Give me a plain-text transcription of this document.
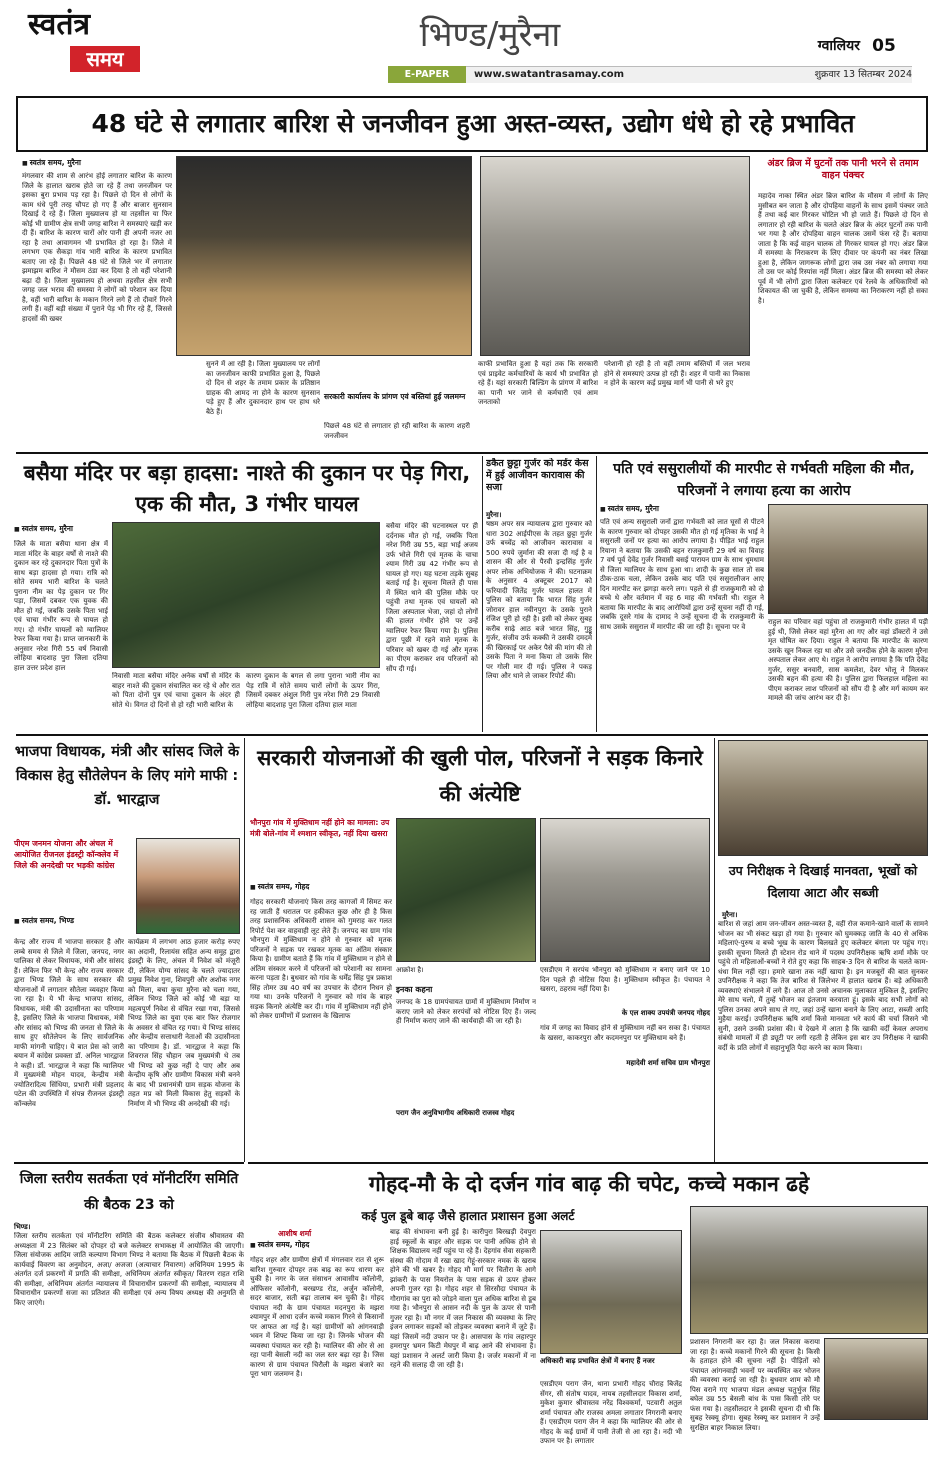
स्वतंत्र
समय
भिण्ड/मुरैना	ग्वालियर 05
E-PAPER	www.swatantrasamay.com	शुक्रवार 13 सितम्बर 2024
48 घंटे से लगातार बारिश से जनजीवन हुआ अस्त-व्यस्त, उद्योग धंधे हो रहे प्रभावित
■ स्वतंत्र समय, मुरैना
मंगलवार की शाम से आरंभ होई लगातार बारिश के कारण जिले के हालात खराब होते जा रहे हैं तथा जनजीवन पर इसका बुरा प्रभाव पड़ रहा है। पिछले दो दिन से लोगों के काम धंधे पूरी तरह चौपट हो गए हैं और बाजार सुनसान दिखाई दे रहे हैं। जिला मुख्यालय हो या तहसील या फिर कोई भी ग्रामीण क्षेत्र सभी जगह बारिश ने समस्याएं खड़ी कर दी हैं। बारिश के कारण चारों ओर पानी ही अपनी नजर आ रहा है तथा आवागमन भी प्रभावित हो रहा है। जिले में लगभग एक सैकड़ा गांव भारी बारिश के कारण प्रभावित बताए जा रहे हैं। पिछले 48 घंटे से जिले भर में लगातार झमाझम बारिश ने मौसम ठंडा कर दिया है तो वहीं परेशानी बढ़ा दी है। जिला मुख्यालय हो अथवा तहसील क्षेत्र सभी जगह जल भराव की समस्या ने लोगों को परेशान कर दिया है, वहीं भारी बारिश के मकान गिरने लगे हैं तो दीवारें गिरने लगी हैं। वहीं बड़ी संख्या में पुराने पेड़ भी गिर रहे हैं, जिससे हादसों की खबर
सुनने में आ रही है। जिला मुख्यालय पर लोगों का जनजीवन काफी प्रभावित हुआ है, पिछले दो दिन से शहर के तमाम प्रकार के प्रतिष्ठान ग्राहक की आमद ना होने के कारण सुनसान पड़े हुए हैं और दुकानदार हाथ पर हाथ धरे बैठे हैं।
सरकारी कार्यालय के प्रांगण एवं बस्तियां हुई जलमग्न
पिछले 48 घंटे से लगातार हो रही बारिश के कारण शहरी जनजीवन
काफी प्रभावित हुआ है यहां तक कि सरकारी एवं प्राइवेट कर्मचारियों के कार्य भी प्रभावित हो रहे हैं। यहां सरकारी बिल्डिंग के प्रांगण में बारिश का पानी भर जाने से कर्मचारी एवं आम जनताको
परेशानी हो रही है तो वहीं तमाम बस्तियों में जल भराव होने से समस्याएं उत्पन्न हो रही हैं। शहर में पानी का निकास न होने के कारण कई प्रमुख मार्ग भी पानी से भरे हुए
अंडर ब्रिज में घुटनों तक पानी भरने से तमाम वाहन पंक्चर
महादेव नाका स्थित अंडर ब्रिज बारिश के मौसम में लोगों के लिए मुसीबत बन जाता है और दोपहिया वाहनों के साथ इसमें पंक्चर जाते हैं तथा कई बार गिरकर चोटिल भी हो जाते हैं। पिछले दो दिन से लगातार हो रही बारिश के चलते अंडर ब्रिज के अंदर घुटनों तक पानी भर गया है और दोपहिया वाहन चालक उसमें फंस रहे हैं। बताया जाता है कि कई वाहन चालक तो गिरकर घायल हो गए। अंडर ब्रिज में समस्या के निराकरण के लिए दीवार पर कंपनी का नंबर लिखा हुआ है, लेकिन जागरूक लोगों द्वारा जब उस नंबर को लगाया गया तो उस पर कोई रिस्पांस नहीं मिला। अंडर ब्रिज की समस्या को लेकर पूर्व में भी लोगों द्वारा जिला कलेक्टर एवं रेलवे के अधिकारियों को शिकायत की जा चुकी है, लेकिन समस्या का निराकरण नहीं हो सका है।
बसैया मंदिर पर बड़ा हादसा: नाश्ते की दुकान पर पेड़ गिरा, एक की मौत, 3 गंभीर घायल
■ स्वतंत्र समय, मुरैना
जिले के माता बसैया थाना क्षेत्र में माता मंदिर के बाहर वर्षों से नाश्ते की दुकान कर रहे दुकानदार पिता पुत्रों के साथ बड़ा हादसा हो गया। रात्रि को सोते समय भारी बारिश के चलते पुराना नीम का पेड़ दुकान पर गिर पड़ा, जिसमें दबकर एक युवक की मौत हो गई, जबकि उसके पिता भाई एवं चाचा गंभीर रूप से घायल हो गए। दो गंभीर घायलों को ग्वालियर रेफर किया गया है। प्राप्त जानकारी के अनुसार नरेश गिरी 55 वर्ष निवासी लोहिया बादशाह पुरा जिला दतिया हाल उत्तर प्रदेश हाल
निवासी माता बसैया मंदिर अनेक वर्षों से मंदिर के बाहर नाश्ते की दुकान संचालित कर रहे थे और रात को पिता दोनों पुत्र एवं चाचा दुकान के अंदर ही सोते थे। विगत दो दिनों से हो रही भारी बारिश के
कारण दुकान के बगल से लगा पुराना भारी नीम का पेड़ रात्रि में सोते समय चारों लोगों के ऊपर गिरा, जिसमें दबकर अंशुल गिरी पुत्र नरेश गिरी 29 निवासी लोहिया बादशाह पुरा जिला दतिया हाल माता
बसैया मंदिर की घटनास्थल पर ही दर्दनाक मौत हो गई, जबकि पिता नरेश गिरी उम्र 55, बड़ा भाई अजय उर्फ भोले गिरी एवं मृतक के चाचा श्याम गिरी उम्र 42 गंभीर रूप से घायल हो गए। यह घटना तड़के सुबह बताई गई है। सूचना मिलते ही पास में स्थित थाने की पुलिस मौके पर पहुंची तथा मृतक एवं घायलों को जिला अस्पताल भेजा, जहां दो लोगों की हालत गंभीर होने पर उन्हें ग्वालियर रेफर किया गया है। पुलिस द्वारा पूछी में रहने वाले मृतक के परिवार को खबर दी गई और मृतक का पीएम कराकर शव परिजनों को सौंप दी गई।
डकैत छुट्टा गुर्जर को मर्डर केस में हुई आजीवन कारावास की सजा
मुरैना।
षष्ठम अपर सत्र न्यायालय द्वारा गुरुवार को धारा 302 आईपीएस के तहत छुट्टा गुर्जर उर्फ बच्चेंद्र को आजीवन कारावास व 500 रुपये जुर्माना की सजा दी गई है व शासन की ओर से पैरवी इन्द्रसिंह गुर्जर अपर लोक अभियोजक ने की। घटनाक्रम के अनुसार 4 अक्टूबर 2017 को फरियादी जितेंद्र गुर्जर घायल हालत में पुलिस को बताया कि भारत सिंह गुर्जर जोरावर हाल नवीनपुरा के उसके पुराने रंजिश पूरी हो रही है। इसी को लेकर सुबह करीब साढ़े आठ बजे भारत सिंह, गुड्डू गुर्जर, संजीव उर्फ कक्की ने उसकी दमदमे की खिरकाई पर अकेर पैसे की मांग की तो उसके पिता ने मना किया तो उसके सिर पर गोली मार दी गई। पुलिस ने पकड़ लिया और थाने ले जाकर रिपोर्ट की।
पति एवं ससुरालीयों की मारपीट से गर्भवती महिला की मौत, परिजनों ने लगाया हत्या का आरोप
■ स्वतंत्र समय, मुरैना
पति एवं अन्य ससुराली जनों द्वारा गर्भवती को लात घूसों से पीटने के कारण गुरुवार को दोपहर उसकी मौत हो गई मृतिका के भाई ने ससुराली जनों पर हत्या का आरोप लगाया है। पीड़ित भाई राहुल रियाना ने बताया कि उसकी बहन राजकुमारी 29 वर्ष का विवाह 7 वर्ष पूर्व देवेंद्र गुर्जर निवासी बसई पारायन ग्राम के साथ धूमधाम से जिला ग्वालियर के साथ हुआ था। शादी के कुछ साल तो सब ठीक-ठाक चला, लेकिन उसके बाद पति एवं ससुरालीजन आए दिन मारपीट कर झगड़ा करने लग। पहले से ही राजकुमारी को दो बच्चे थे और वर्तमान में वह 6 माह की गर्भवती थी। राहुल ने बताया कि मारपीट के बाद आरोपियों द्वारा उन्हें सूचना नहीं दी गई, जबकि दूसरे गांव के दामाद ने उन्हें सूचना दी के राजकुमारी के साथ उसके ससुराल में मारपीट की जा रही है। सूचना पर वे
राहुल का परिवार वहां पहुंचा तो राजकुमारी गंभीर हालत में पड़ी हुई थी, जिसे लेकर वहां मुरैना आ गए और वहां डॉक्टरों ने उसे मृत घोषित कर दिया। राहुल ने बताया कि मारपीट के कारण उसके खून निकल रहा था और उसे जनदीक होने के कारण मुरैना अस्पताल लेकर आए थे। राहुल ने आरोप लगाया है कि पति देवेंद्र गुर्जर, ससुर बनवारी, सास कमलेश, देवर भोलू ने मिलकर उसकी बहन की हत्या की है। पुलिस द्वारा फिलहाल महिला का पीएम कराकर लाश परिजनों को सौंप दी है और मर्ग कायम कर मामले की जांच आरंभ कर दी है।
भाजपा विधायक, मंत्री और सांसद जिले के विकास हेतु सौतेलेपन के लिए मांगे माफी : डॉ. भारद्वाज
पीएम जनमन योजना और अंचल में आयोजित रीजनल इंडस्ट्री कॉन्क्लेव में जिले की अनदेखी पर भड़की कांग्रेस
■ स्वतंत्र समय, भिण्ड
केन्द्र और राज्य में भाजपा सरकार है और लम्बे समय से जिले में जिला, जनपद, नगर पालिका से लेकर विधायक, मंत्री और सांसद हैं। लेकिन फिर भी केन्द्र और राज्य सरकार द्वारा भिण्ड जिले के साथ सरकार की योजनाओं में लगातार सौतेला व्यवहार किया जा रहा है। ये भी केन्द्र भाजपा सांसद, विधायक, मंत्री की उदासीनता का परिणाम है, इसलिए जिले के भाजपा विधायक, मंत्री और सांसद को भिण्ड की जनता से जिले के साथ हुए सौतेलेपन के लिए सार्वजनिक माफी मांगनी चाहिए। ये बात प्रेस को जारी बयान में कांग्रेस प्रवक्ता डॉ. अनिल भारद्वाज ने कही। डॉ. भारद्वाज ने कहा कि ग्वालियर में मुख्यमंत्री मोहन यादव, केन्द्रीय मंत्री ज्योतिरादित्य सिंधिया, प्रभारी मंत्री प्रहलाद पटेल की उपस्थिति में संपन्न रीजनल इंडस्ट्री कॉन्क्लेव
कार्यक्रम में लगभग आठ हजार करोड़ रुपए का अदानी, रिलायंस सहित अन्य समूह द्वारा इंडस्ट्री के लिए, अंचल में निवेश को मंजूरी दी, लेकिन योग्य सांसद के चलते ज्यादातर प्रमुख निवेश गुना, शिवपुरी और अशोक नगर को मिला, बचा कुचा मुरैना को चला गया, लेकिन भिण्ड जिले को कोई भी बड़ा या महत्वपूर्ण निवेश से वंचित रखा गया, जिससे भिण्ड जिले का युवा एक बार फिर रोजगार के अवसर से वंचित रह गया। ये भिण्ड सांसद और केन्द्रीय सत्ताधारी नेताओं की उदासीनता का परिणाम है। डॉ. भारद्वाज ने कहा कि शिवराज सिंह चौहान जब मुख्यमंत्री थे तब भी भिण्ड को कुछ नहीं दे पाए और अब केन्द्रीय कृषि और ग्रामीण विकास मंत्री बनने के बाद भी प्रधानमंत्री ग्राम सड़क योजना के तहत मप्र को मिली विकास हेतु सड़कों के निर्माण में भी भिण्ड की अनदेखी की गई।
सरकारी योजनाओं की खुली पोल, परिजनों ने सड़क किनारे की अंत्येष्टि
भौनपुरा गांव में मुक्तिधाम नहीं होने का मामला: उप मंत्री बोले-गांव में श्मशान स्वीकृत, नहीं दिया खसरा
■ स्वतंत्र समय, गोहद
गोहद सरकारी योजनाएं किस तरह कागजों में सिमट कर रह जाती हैं धरातल पर हकीकत कुछ और ही है किस तरह प्रशासनिक अधिकारी शासन को गुमराह कर गलत रिपोर्ट पेश कर वाहवाही लूट लेते हैं। जनपद का ग्राम गांव भौनपुरा में मुक्तिधाम न होने से गुरुवार को मृतक परिजनों ने सड़क पर रखकर मृतक का अंतिम संस्कार किया है। ग्रामीण बताते हैं कि गांव में मुक्तिधाम न होने से अंतिम संस्कार करने में परिजनों को परेशानी का सामना करना पड़ता है। बुधवार को गांव के धर्मेंद्र सिंह पुत्र प्रकाश सिंह तोमर उम्र 40 वर्ष का उपचार के दौरान निधन हो गया था। उनके परिजनों ने गुरुवार को गांव के बाहर सड़क किनारे अंत्येष्टि कर दी। गांव में मुक्तिधाम नहीं होने को लेकर ग्रामीणों में प्रशासन के खिलाफ
आक्रोश है।
इनका कहना
जनपद के 18 ग्रामपंचायत ग्रामों में मुक्तिधाम निर्माण न कराए जाने को लेकर सरपंचों को नोटिस दिए हैं। जल्द ही निर्माण कराए जाने की कार्यवाही की जा रही है।
पराग जैन अनुविभागीय अधिकारी राजस्व गोहद
एसडीएम ने सरपंच भौनपुरा को मुक्तिधाम न बनाए जाने पर 10 दिन पहले ही नोटिस दिया है। मुक्तिधाम स्वीकृत है। पंचायत ने खसरा, ठहराव नहीं दिया है।
के एल शाक्य उपयंत्री जनपद गोहद
गांव में जगह का विवाद होने से मुक्तिधाम नहीं बन सका है। पंचायत के खसरा, काकरपुरा और कदमनपुरा पर मुक्तिधाम बने हैं।
महादेवी शर्मा सचिव ग्राम भौनपुरा
उप निरीक्षक ने दिखाई मानवता, भूखों को दिलाया आटा और सब्जी
मुरैना।
बारिश से जहां आम जन-जीवन अस्त-व्यस्त है, वहीं रोज कमाने-खाने वालों के सामने भोजन का भी संकट खड़ा हो गया है। गुरुवार को घुमक्कड़ जाति के 40 से अधिक महिलाएं-पुरुष व बच्चे भूख के कारण बिलखते हुए कलेक्टर बंगला पर पहुंच गए। इसकी सूचना मिलते ही स्टेशन रोड थाने में पदस्थ उपनिरीक्षक ऋषि शर्मा मौके पर पहुंचे तो महिलाओं-बच्चों ने रोते हुए कहा कि साहब-3 दिन से बारिश के चलते काम-धंधा मिल नहीं रहा। हमारे खाना तक नहीं खाया है। इन मजबूरों की बात सुनकर उपनिरीक्षक ने कहा कि तेज बारिश से जिलेभर में हालात खराब हैं। बड़े अधिकारी व्यवस्थाएं संभालने में लगे हैं। आज तो उनसे अचानक मुलाकात मुश्किल है, इसलिए मेरे साथ चलो, मैं तुम्हें भोजन का इंतजाम करवाता हूं। इसके बाद सभी लोगों को पुलिस उनका अपने साथ ले गए, जहां उन्हें खाना बनाने के लिए आटा, सब्जी आदि मुहैया कराई। उपनिरीक्षक ऋषि शर्मा किसे मानवता भरे कार्य की चर्चा जिसने भी सुनी, उसने उनकी प्रशंसा की। ये देखने में आता है कि खाकी वर्दी केवल अपराध संबंधी मामलों में ही ड्यूटी पर लगी रहती है लेकिन इस बार उप निरीक्षक ने खाकी वर्दी के प्रति लोगों में सहानुभूति पैदा करने का काम किया।
गोहद-मौ के दो दर्जन गांव बाढ़ की चपेट, कच्चे मकान ढहे
कई पुल डूबे बाढ़ जैसे हालात प्रशासन हुआ अलर्ट
आशीष शर्मा
■ स्वतंत्र समय, गोहद
गोहद शहर और ग्रामीण क्षेत्रों में मंगलवार रात से शुरू बारिश गुरुवार दोपहर तक बाढ़ का रूप धारण कर चुकी है। नगर के जल संसाधन आवासीय कॉलोनी, ऑफिसर कॉलोनी, बरखण्ड रोड, अर्जुन कॉलोनी, सदर बाजार, सती बढ़ा तालाब बन चुकी है। गोहद पंचायत नदी के ग्राम पंचायत मदनपुरा के मझरा श्यामपुर में आधा दर्जन कच्चे मकान गिरने से किसानों पर आफत आ गई है। यहां ग्रामीणों को आंगनवाड़ी भवन में शिफ्ट किया जा रहा है। जिनके भोजन की व्यवस्था पंचायत कर रही है। ग्वालियर की ओर से आ रहा पानी बेसली नदी का जल स्तर बढ़ा रहा है। जिस कारण से ग्राम पंचायत चिरौली के मझरा बंजारे का पूरा भाग जलमग्न है।
बाढ़ की संभावना बनी हुई है। कारीपुरा बिरखड़ी देवपुरा हाई स्कूलों के बाहर और सड़क पर पानी अधिक होने से शिक्षक विद्यालय नहीं पहुंच पा रहे हैं। देहगांव सेवा सहकारी संस्था की गोदाम में रखा खाद गेहूं-सरकार नमक के खराब होने की भी खबर है। गोहद मौ मार्ग पर चितौरा के आगे झांकरी के पास नियरोल के पास सड़क से ऊपर होकर अपनी गुजर रहा है। गोहद शहर से सिरसौदा पंचायत के गौरागांव का पुरा को जोड़ने वाला पुल अधिक बारिश से डूब गया है। भौनपुरा से आसन नदी के पुल के ऊपर से पानी गुजर रहा है। मौ नगर में जल निकास की व्यवस्था के लिए इंजन लगाकर सड़कों को तोड़कर व्यवस्था बनाने में जुटे हैं। यहां जिसमें नदी उफान पर है। आसपास के गांव लहारपुर हमरापुर भ्रमन किटी मेघपुर में बाढ़ आने की संभावना है। यहां प्रशासन ने अलर्ट जारी किया है। जर्जर मकानों में ना रहने की सलाह दी जा रही है।	अधिकारी बाढ़ प्रभावित क्षेत्रों में बनाए हैं नजर
एसडीएम पराग जैन, थाना प्रभारी गोहद चौराह बिजेंद्र सेंगर, सी संतोष यादव, नायब तहसीलदार विकास शर्मा, मुकेश कुमार श्रीवास्तव नरेंद्र विश्वकर्मा, पटवारी अतुल शर्मा पंचायत और राजस्व अमला लगातार निगरानी बनाए हैं। एसडीएम पराग जैन ने कहा कि ग्वालियर की ओर से गोहद के कई ग्रामों में पानी तेजी से आ रहा है। नदी भी उफान पर है। लगातार
प्रशासन निगरानी कर रहा है। जल निकास कराया जा रहा है। कच्चे मकानों गिरने की सूचना है। किसी के हताहत होने की सूचना नहीं है। पीड़ितों को पंचायत आंगनवाड़ी भवनों पर व्यवस्थित कर भोजन की व्यवस्था कराई जा रही है। बुधवार शाम को मौ पिस वराने गए भाजपा मंडल अध्यक्ष चतुर्भुज सिंह बघेल उम्र 55 बेसली बांध के पास किसी तोरे पर फंस गया है। तहसीलदार ने इसकी सूचना दी थी कि सुबह रेस्क्यू होगा। सुबह रेस्क्यू कर प्रशासन ने उन्हें सुरक्षित बाहर निकाल लिया।
जिला स्तरीय सतर्कता एवं मॉनीटरिंग समिति की बैठक 23 को
भिण्ड।
जिला स्तरीय सतर्कता एवं मॉनीटरिंग समिति की बैठक कलेक्टर संजीव श्रीवास्तव की अध्यक्षता में 23 सितंबर को दोपहर दो बजे कलेक्टर सभाकक्ष में आयोजित की जाएगी। जिला संयोजक आदिम जाति कल्याण विभाग भिण्ड ने बताया कि बैठक में पिछली बैठक के कार्यवाई विवरण का अनुमोदन, अजा/ अजजा (अत्याचार निवारण) अधिनियम 1995 के अंतर्गत दर्ज प्रकरणों में प्रगति की समीक्षा, अधिनियम अंतर्गत स्वीकृत/ वितरण राहत राशि की समीक्षा, अधिनियम अंतर्गत न्यायालय में विचाराधीन प्रकरणों की समीक्षा, न्यायालय में विचाराधीन प्रकरणों सजा का प्रतिशत की समीक्षा एवं अन्य विषय अध्यक्ष की अनुमति से किए जाएंगे।
